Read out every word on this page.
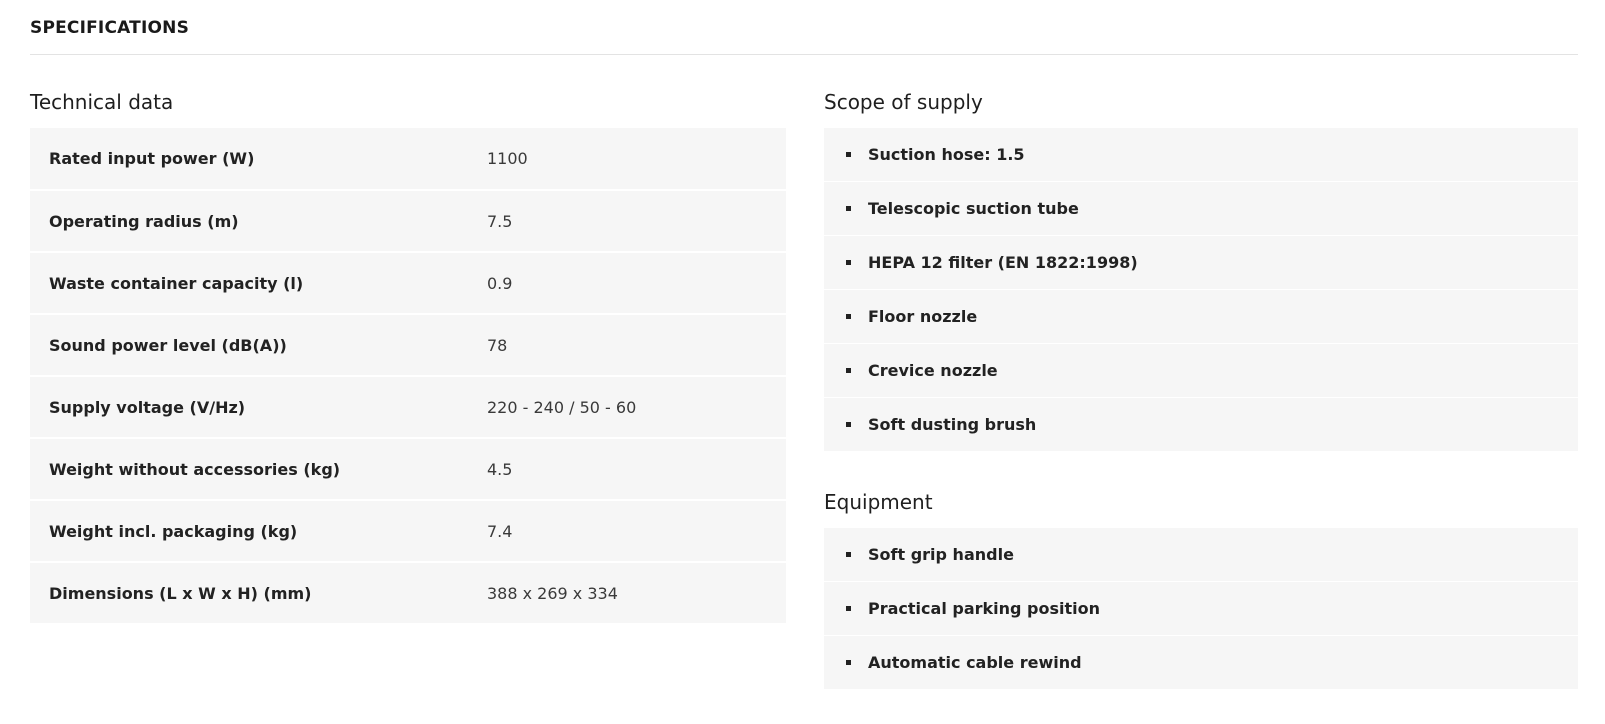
SPECIFICATIONS
Technical data
Rated input power (W)	1100
Operating radius (m)	7.5
Waste container capacity (l)	0.9
Sound power level (dB(A))	78
Supply voltage (V/Hz)	220 - 240 / 50 - 60
Weight without accessories (kg)	4.5
Weight incl. packaging (kg)	7.4
Dimensions (L x W x H) (mm)	388 x 269 x 334
Scope of supply
Suction hose: 1.5
Telescopic suction tube
HEPA 12 filter (EN 1822:1998)
Floor nozzle
Crevice nozzle
Soft dusting brush
Equipment
Soft grip handle
Practical parking position
Automatic cable rewind
